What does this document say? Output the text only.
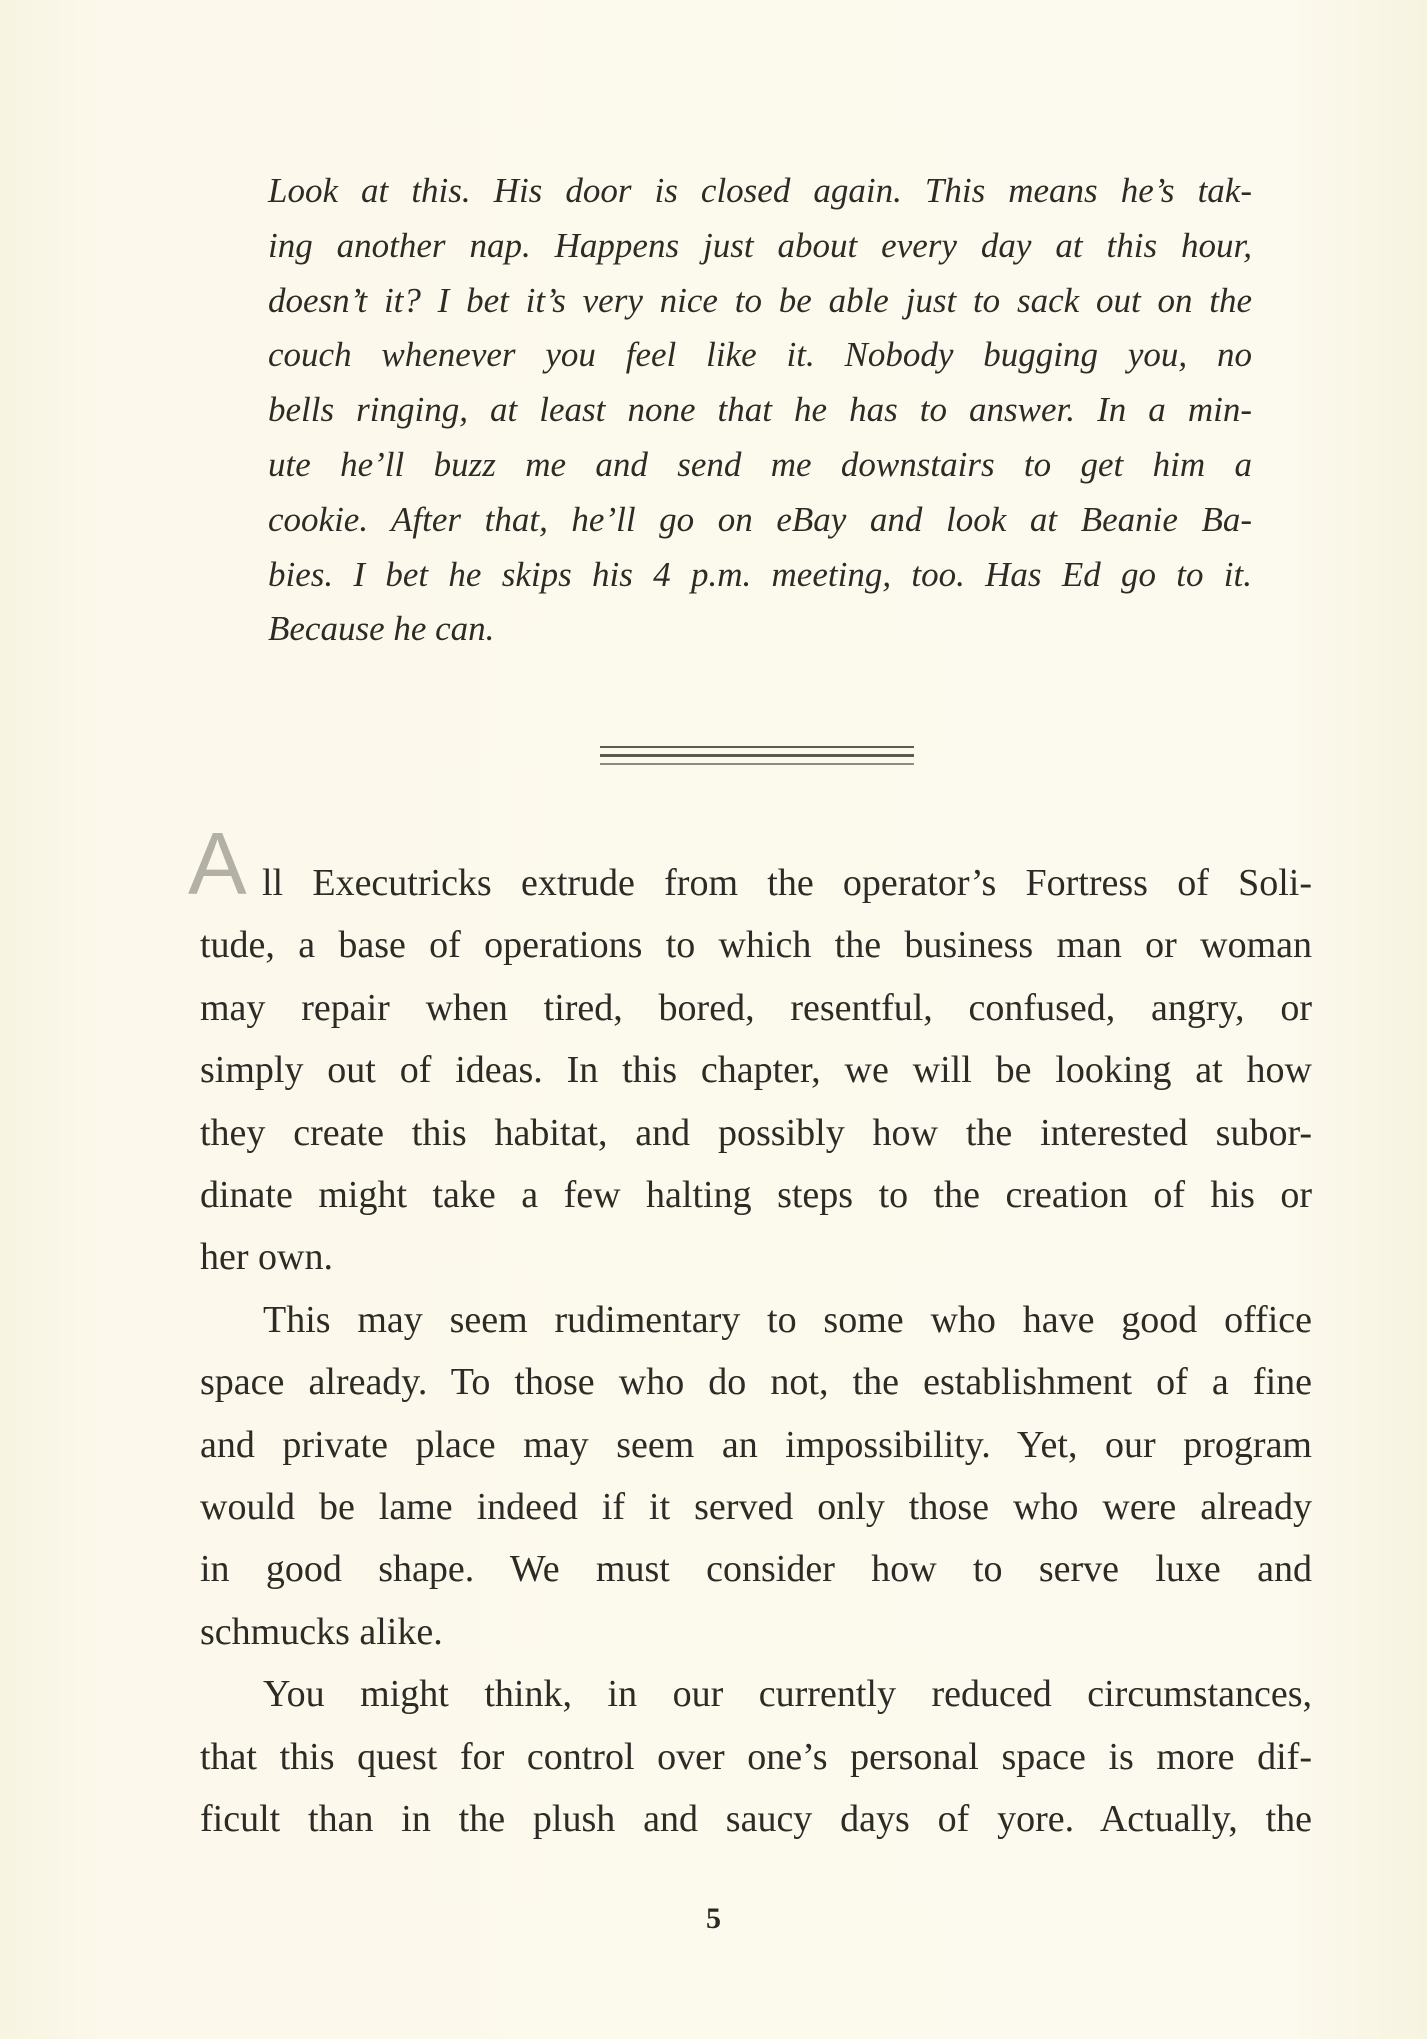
Look at this. His door is closed again. This means he’s tak-
ing another nap. Happens just about every day at this hour,
doesn’t it? I bet it’s very nice to be able just to sack out on the
couch whenever you feel like it. Nobody bugging you, no
bells ringing, at least none that he has to answer. In a min-
ute he’ll buzz me and send me downstairs to get him a
cookie. After that, he’ll go on eBay and look at Beanie Ba-
bies. I bet he skips his 4 p.m. meeting, too. Has Ed go to it.
Because he can.
A ll Executricks extrude from the operator’s Fortress of Soli-
tude, a base of operations to which the business man or woman
may repair when tired, bored, resentful, confused, angry, or
simply out of ideas. In this chapter, we will be looking at how
they create this habitat, and possibly how the interested subor-
dinate might take a few halting steps to the creation of his or
her own.
This may seem rudimentary to some who have good office
space already. To those who do not, the establishment of a fine
and private place may seem an impossibility. Yet, our program
would be lame indeed if it served only those who were already
in good shape. We must consider how to serve luxe and
schmucks alike.
You might think, in our currently reduced circumstances,
that this quest for control over one’s personal space is more dif-
ficult than in the plush and saucy days of yore. Actually, the
5
